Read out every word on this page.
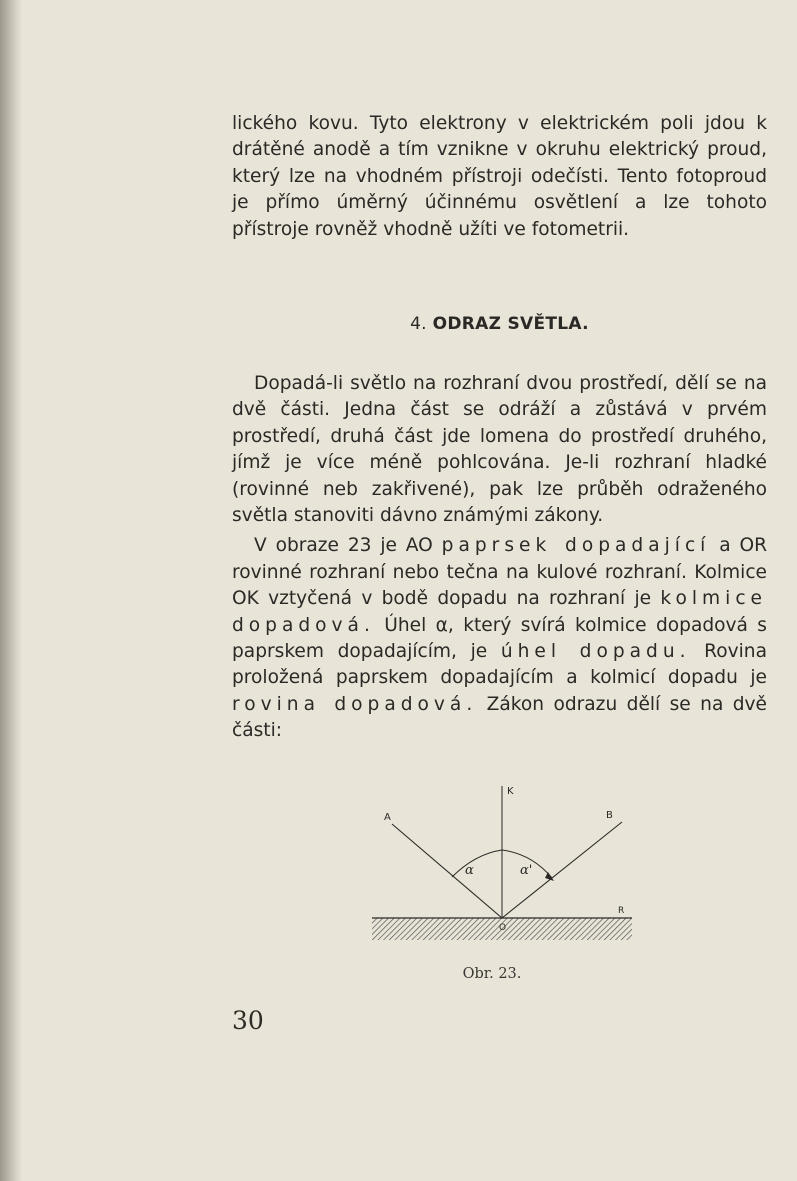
lického kovu. Tyto elektrony v elektrickém poli jdou k drátěné anodě a tím vznikne v okruhu elektrický proud, který lze na vhodném přístroji odečísti. Tento fotoproud je přímo úměrný účinnému osvětlení a lze tohoto přístroje rovněž vhodně užíti ve fotometrii.

4. ODRAZ SVĚTLA.

Dopadá-li světlo na rozhraní dvou prostředí, dělí se na dvě části. Jedna část se odráží a zůstává v prvém prostředí, druhá část jde lomena do prostředí druhého, jímž je více méně pohlcována. Je-li rozhraní hladké (rovinné neb zakřivené), pak lze průběh odraženého světla stanoviti dávno známými zákony.

V obraze 23 je AO paprsek dopadající a OR rovinné rozhraní nebo tečna na kulové rozhraní. Kolmice OK vztyčená v bodě dopadu na rozhraní je kolmice dopadová. Úhel α, který svírá kolmice dopadová s paprskem dopadajícím, je úhel dopadu. Rovina proložená paprskem dopadajícím a kolmicí dopadu je rovina dopadová. Zákon odrazu dělí se na dvě části:

K
A	B
O
R
α	α'
Obr. 23.
30
